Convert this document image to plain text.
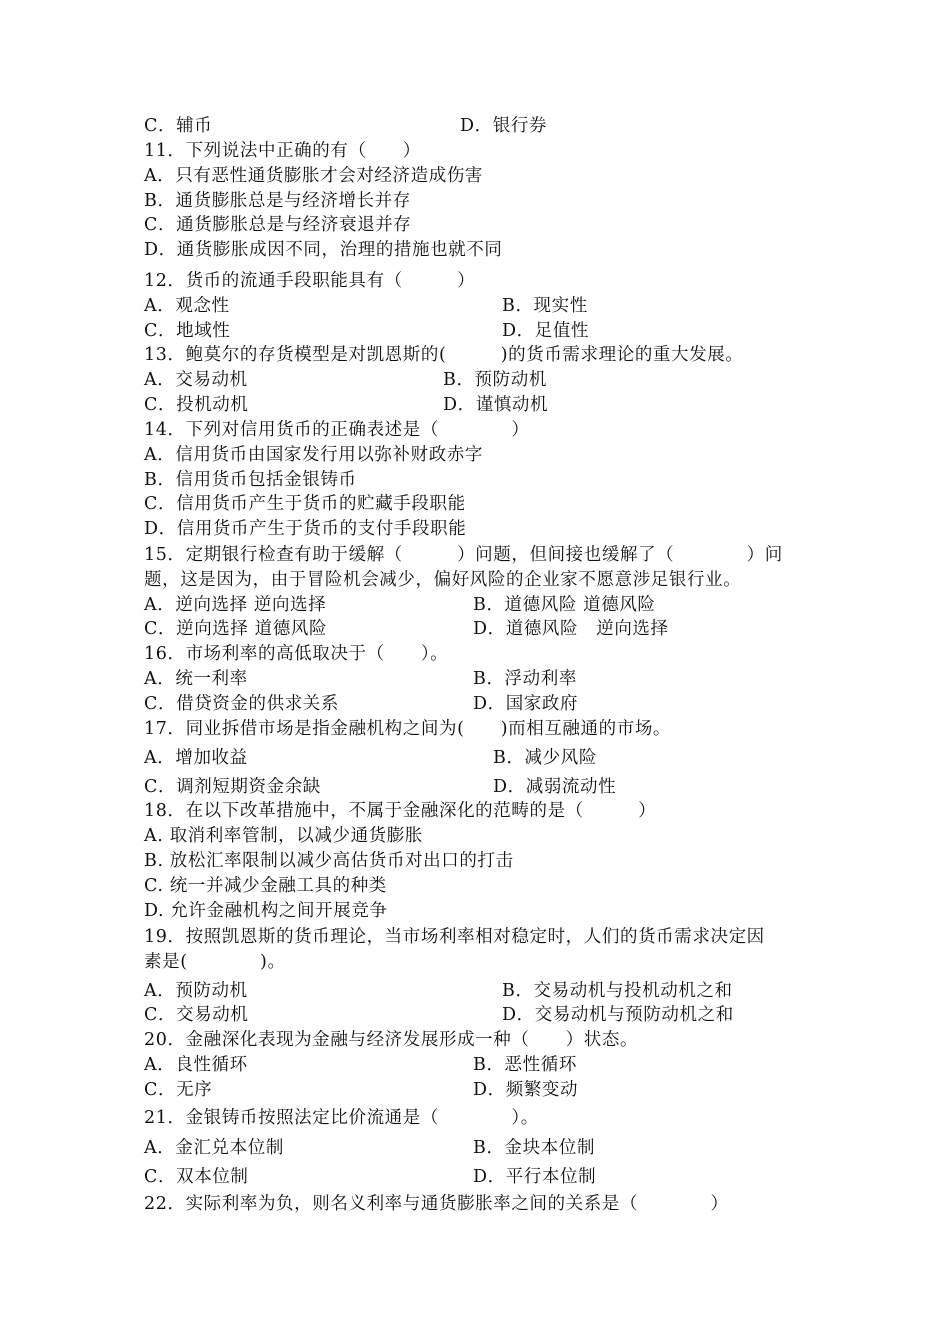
C．辅币	D．银行券
11．下列说法中正确的有（　　）
A．只有恶性通货膨胀才会对经济造成伤害
B．通货膨胀总是与经济增长并存
C．通货膨胀总是与经济衰退并存
D．通货膨胀成因不同，治理的措施也就不同
12．货币的流通手段职能具有（　　　）
A．观念性	B．现实性
C．地域性	D．足值性
13．鲍莫尔的存货模型是对凯恩斯的(　　　)的货币需求理论的重大发展。
A．交易动机	B．预防动机
C．投机动机	D．谨慎动机
14．下列对信用货币的正确表述是（　　　　）
A．信用货币由国家发行用以弥补财政赤字
B．信用货币包括金银铸币
C．信用货币产生于货币的贮藏手段职能
D．信用货币产生于货币的支付手段职能
15．定期银行检查有助于缓解（　　　）问题，但间接也缓解了（　　　　）问
题，这是因为，由于冒险机会减少，偏好风险的企业家不愿意涉足银行业。
A．逆向选择 逆向选择	B．道德风险 道德风险
C．逆向选择 道德风险	D．道德风险　逆向选择
16．市场利率的高低取决于（　　）。
A．统一利率	B．浮动利率
C．借贷资金的供求关系	D．国家政府
17．同业拆借市场是指金融机构之间为(　　)而相互融通的市场。
A．增加收益	B．减少风险
C．调剂短期资金余缺	D．减弱流动性
18．在以下改革措施中，不属于金融深化的范畴的是（　　　）
A. 取消利率管制，以减少通货膨胀
B. 放松汇率限制以减少高估货币对出口的打击
C. 统一并减少金融工具的种类
D. 允许金融机构之间开展竞争
19．按照凯恩斯的货币理论，当市场利率相对稳定时，人们的货币需求决定因
素是(　　　　)。
A．预防动机	B．交易动机与投机动机之和
C．交易动机	D．交易动机与预防动机之和
20．金融深化表现为金融与经济发展形成一种（　　）状态。
A．良性循环	B．恶性循环
C．无序	D．频繁变动
21．金银铸币按照法定比价流通是（　　　　）。
A．金汇兑本位制	B．金块本位制
C．双本位制	D．平行本位制
22．实际利率为负，则名义利率与通货膨胀率之间的关系是（　　　　）
